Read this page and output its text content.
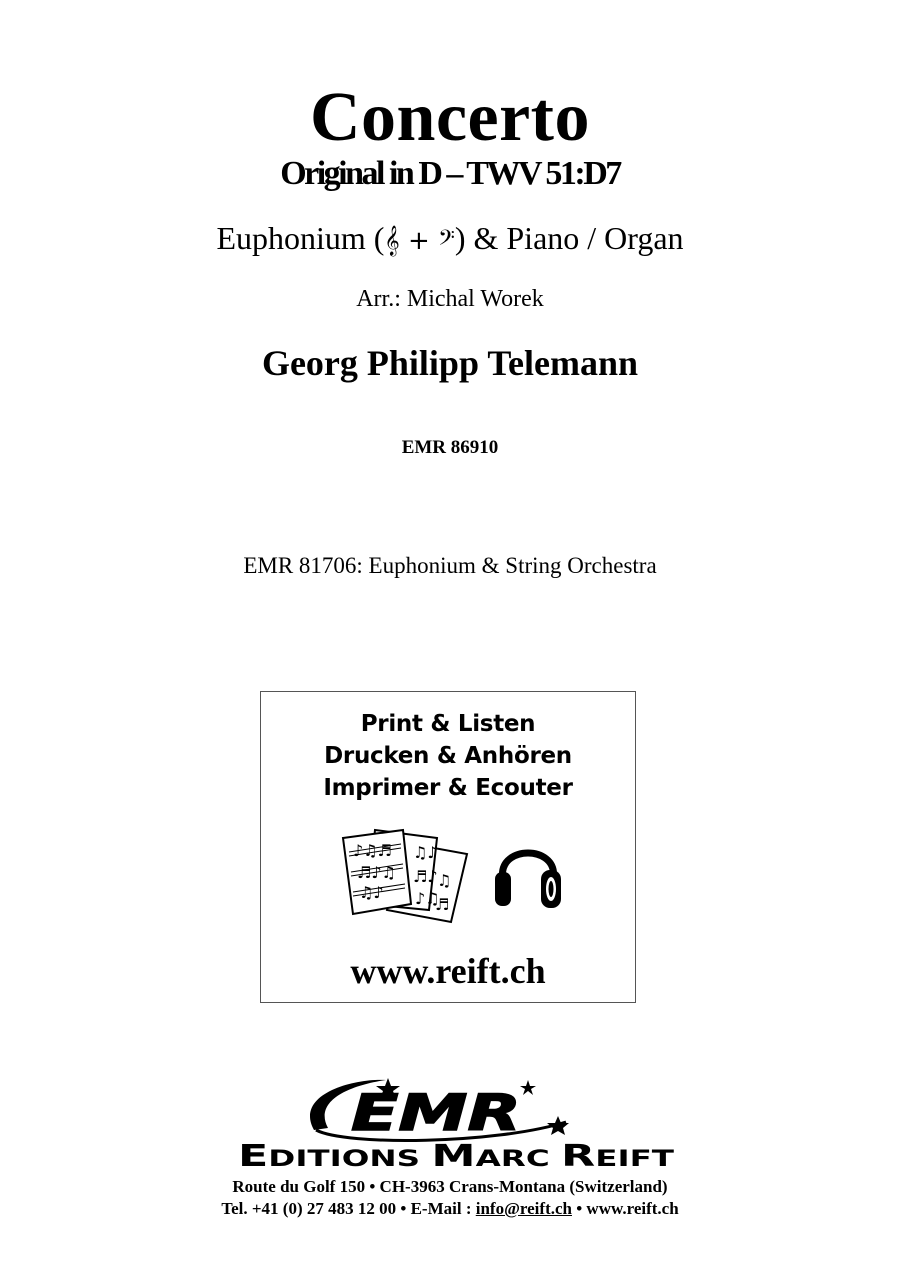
Concerto
Original in D – TWV 51:D7
Euphonium (𝄞 + 𝄢) & Piano / Organ
Arr.: Michal Worek
Georg Philipp Telemann
EMR 86910
EMR 81706: Euphonium & String Orchestra
Print & Listen
Drucken & Anhören
Imprimer & Ecouter
♪♫♬
♬♪♫
♫♪
♫♪
♬♪
♪♫
♫
♬
www.reift.ch
EMR
E DITIONS M ARC R EIFT
Route du Golf 150 • CH-3963 Crans-Montana (Switzerland)
Tel. +41 (0) 27 483 12 00 • E-Mail : info@reift.ch • www.reift.ch
